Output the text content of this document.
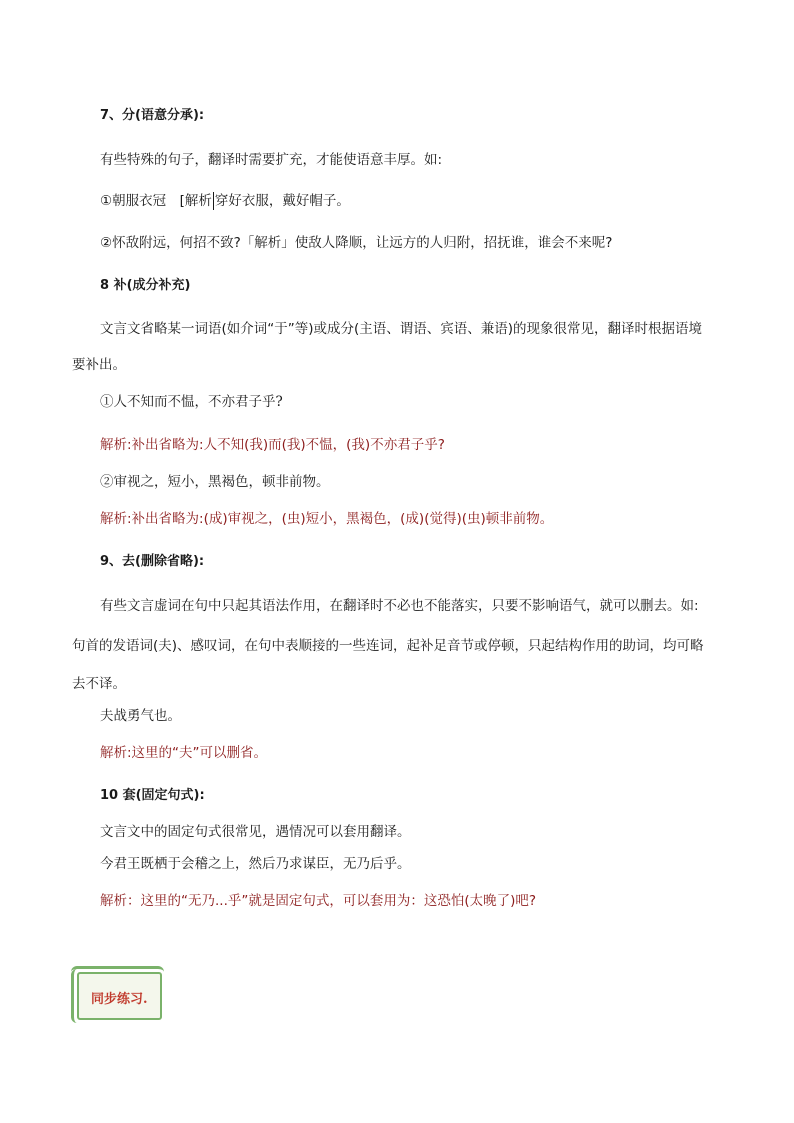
7、分(语意分承):
有些特殊的句子，翻译时需要扩充，才能使语意丰厚。如:
①朝服衣冠　[解析 穿好衣服，戴好帽子。
②怀敌附远，何招不致?「解析」使敌人降顺，让远方的人归附，招抚谁，谁会不来呢?
8 补(成分补充)
文言文省略某一词语(如介词“于”等)或成分(主语、谓语、宾语、兼语)的现象很常见，翻译时根据语境
要补出。
①人不知而不愠，不亦君子乎?
解析:补出省略为:人不知(我)而(我)不愠，(我)不亦君子乎?
②审视之，短小，黑褐色，顿非前物。
解析:补出省略为:(成)审视之，(虫)短小，黑褐色，(成)(觉得)(虫)顿非前物。
9、去(删除省略):
有些文言虚词在句中只起其语法作用，在翻译时不必也不能落实，只要不影响语气，就可以删去。如:
句首的发语词(夫)、感叹词，在句中表顺接的一些连词，起补足音节或停顿，只起结构作用的助词，均可略
去不译。
夫战勇气也。
解析:这里的“夫”可以删省。
10 套(固定句式):
文言文中的固定句式很常见，遇情况可以套用翻译。
今君王既栖于会稽之上，然后乃求谋臣，无乃后乎。
解析：这里的“无乃...乎”就是固定句式，可以套用为：这恐怕(太晚了)吧?
同步练习.
